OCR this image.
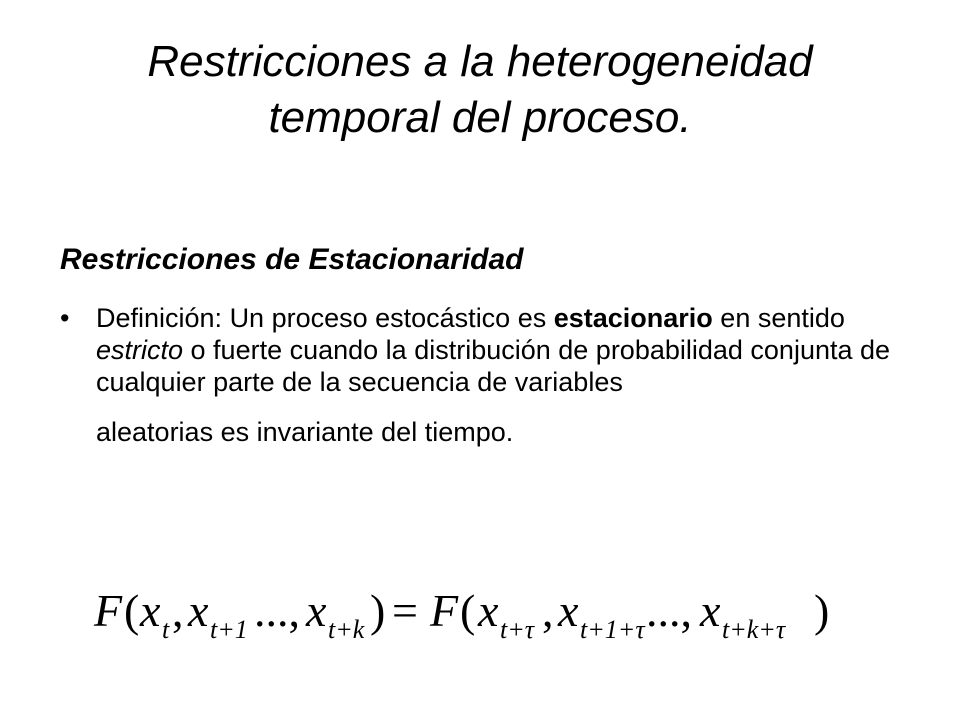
Restricciones a la heterogeneidad
temporal del proceso.
Restricciones de Estacionaridad
• Definición: Un proceso estocástico es estacionario en sentido estricto o fuerte cuando la distribución de probabilidad conjunta de cualquier parte de la secuencia de variables
aleatorias es invariante del tiempo.
F ( x t , x t+1 ..., x t+k ) = F ( x t+τ , x t+1+τ ..., x t+k+τ )
